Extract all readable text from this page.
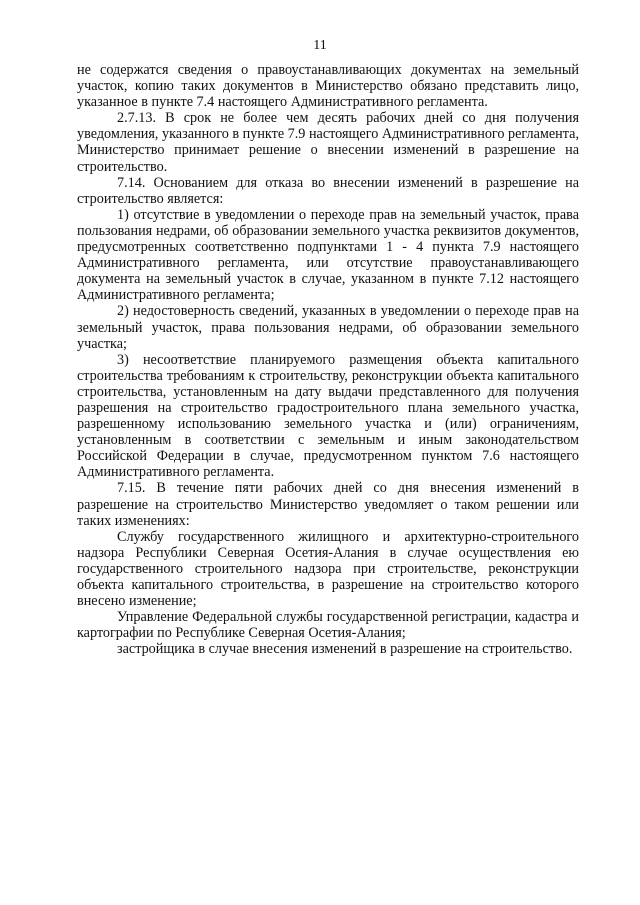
11

не содержатся сведения о правоустанавливающих документах на земельный участок, копию таких документов в Министерство обязано представить лицо, указанное в пункте 7.4 настоящего Административного регламента.

2.7.13. В срок не более чем десять рабочих дней со дня получения уведомления, указанного в пункте 7.9 настоящего Административного регламента, Министерство принимает решение о внесении изменений в разрешение на строительство.

7.14. Основанием для отказа во внесении изменений в разрешение на строительство является:

1) отсутствие в уведомлении о переходе прав на земельный участок, права пользования недрами, об образовании земельного участка реквизитов документов, предусмотренных соответственно подпунктами 1 - 4 пункта 7.9 настоящего Административного регламента, или отсутствие правоустанавливающего документа на земельный участок в случае, указанном в пункте 7.12 настоящего Административного регламента;

2) недостоверность сведений, указанных в уведомлении о переходе прав на земельный участок, права пользования недрами, об образовании земельного участка;

3) несоответствие планируемого размещения объекта капитального строительства требованиям к строительству, реконструкции объекта капитального строительства, установленным на дату выдачи представленного для получения разрешения на строительство градостроительного плана земельного участка, разрешенному использованию земельного участка и (или) ограничениям, установленным в соответствии с земельным и иным законодательством Российской Федерации в случае, предусмотренном пунктом 7.6 настоящего Административного регламента.

7.15. В течение пяти рабочих дней со дня внесения изменений в разрешение на строительство Министерство уведомляет о таком решении или таких изменениях:

Службу государственного жилищного и архитектурно-строительного надзора Республики Северная Осетия-Алания в случае осуществления ею государственного строительного надзора при строительстве, реконструкции объекта капитального строительства, в разрешение на строительство которого внесено изменение;

Управление Федеральной службы государственной регистрации, кадастра и картографии по Республике Северная Осетия-Алания;

застройщика в случае внесения изменений в разрешение на строительство.
